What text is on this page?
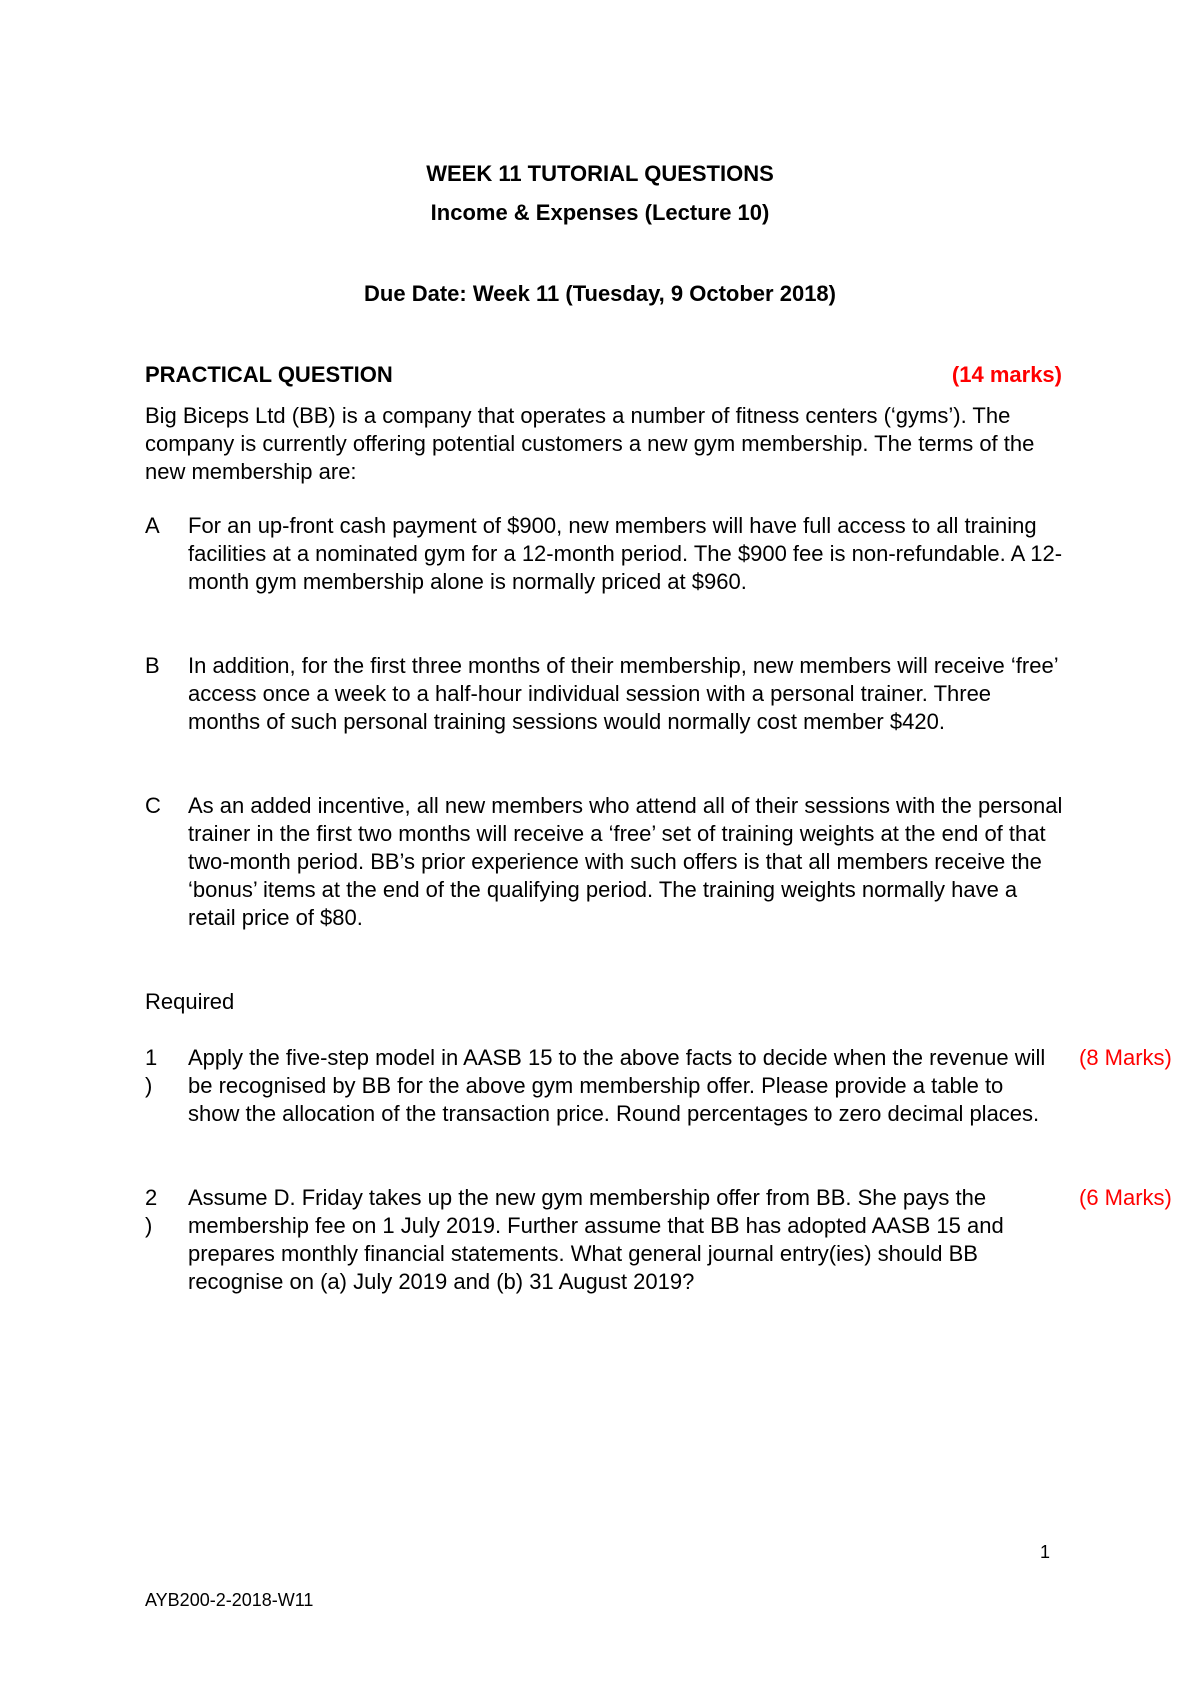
WEEK 11 TUTORIAL QUESTIONS
Income & Expenses (Lecture 10)
Due Date: Week 11 (Tuesday, 9 October 2018)
PRACTICAL QUESTION	(14 marks)
Big Biceps Ltd (BB) is a company that operates a number of fitness centers (‘gyms’). The company is currently offering potential customers a new gym membership. The terms of the new membership are:
A	For an up-front cash payment of $900, new members will have full access to all training facilities at a nominated gym for a 12-month period. The $900 fee is non-refundable. A 12-month gym membership alone is normally priced at $960.
B	In addition, for the first three months of their membership, new members will receive ‘free’ access once a week to a half-hour individual session with a personal trainer. Three months of such personal training sessions would normally cost member $420.
C	As an added incentive, all new members who attend all of their sessions with the personal trainer in the first two months will receive a ‘free’ set of training weights at the end of that two-month period. BB’s prior experience with such offers is that all members receive the ‘bonus’ items at the end of the qualifying period. The training weights normally have a retail price of $80.
Required
1
)
Apply the five-step model in AASB 15 to the above facts to decide when the revenue will be recognised by BB for the above gym membership offer. Please provide a table to show the allocation of the transaction price. Round percentages to zero decimal places.
(8 Marks)
2
)
Assume D. Friday takes up the new gym membership offer from BB. She pays the membership fee on 1 July 2019. Further assume that BB has adopted AASB 15 and prepares monthly financial statements. What general journal entry(ies) should BB recognise on (a) July 2019 and (b) 31 August 2019?
(6 Marks)
1
AYB200-2-2018-W11
